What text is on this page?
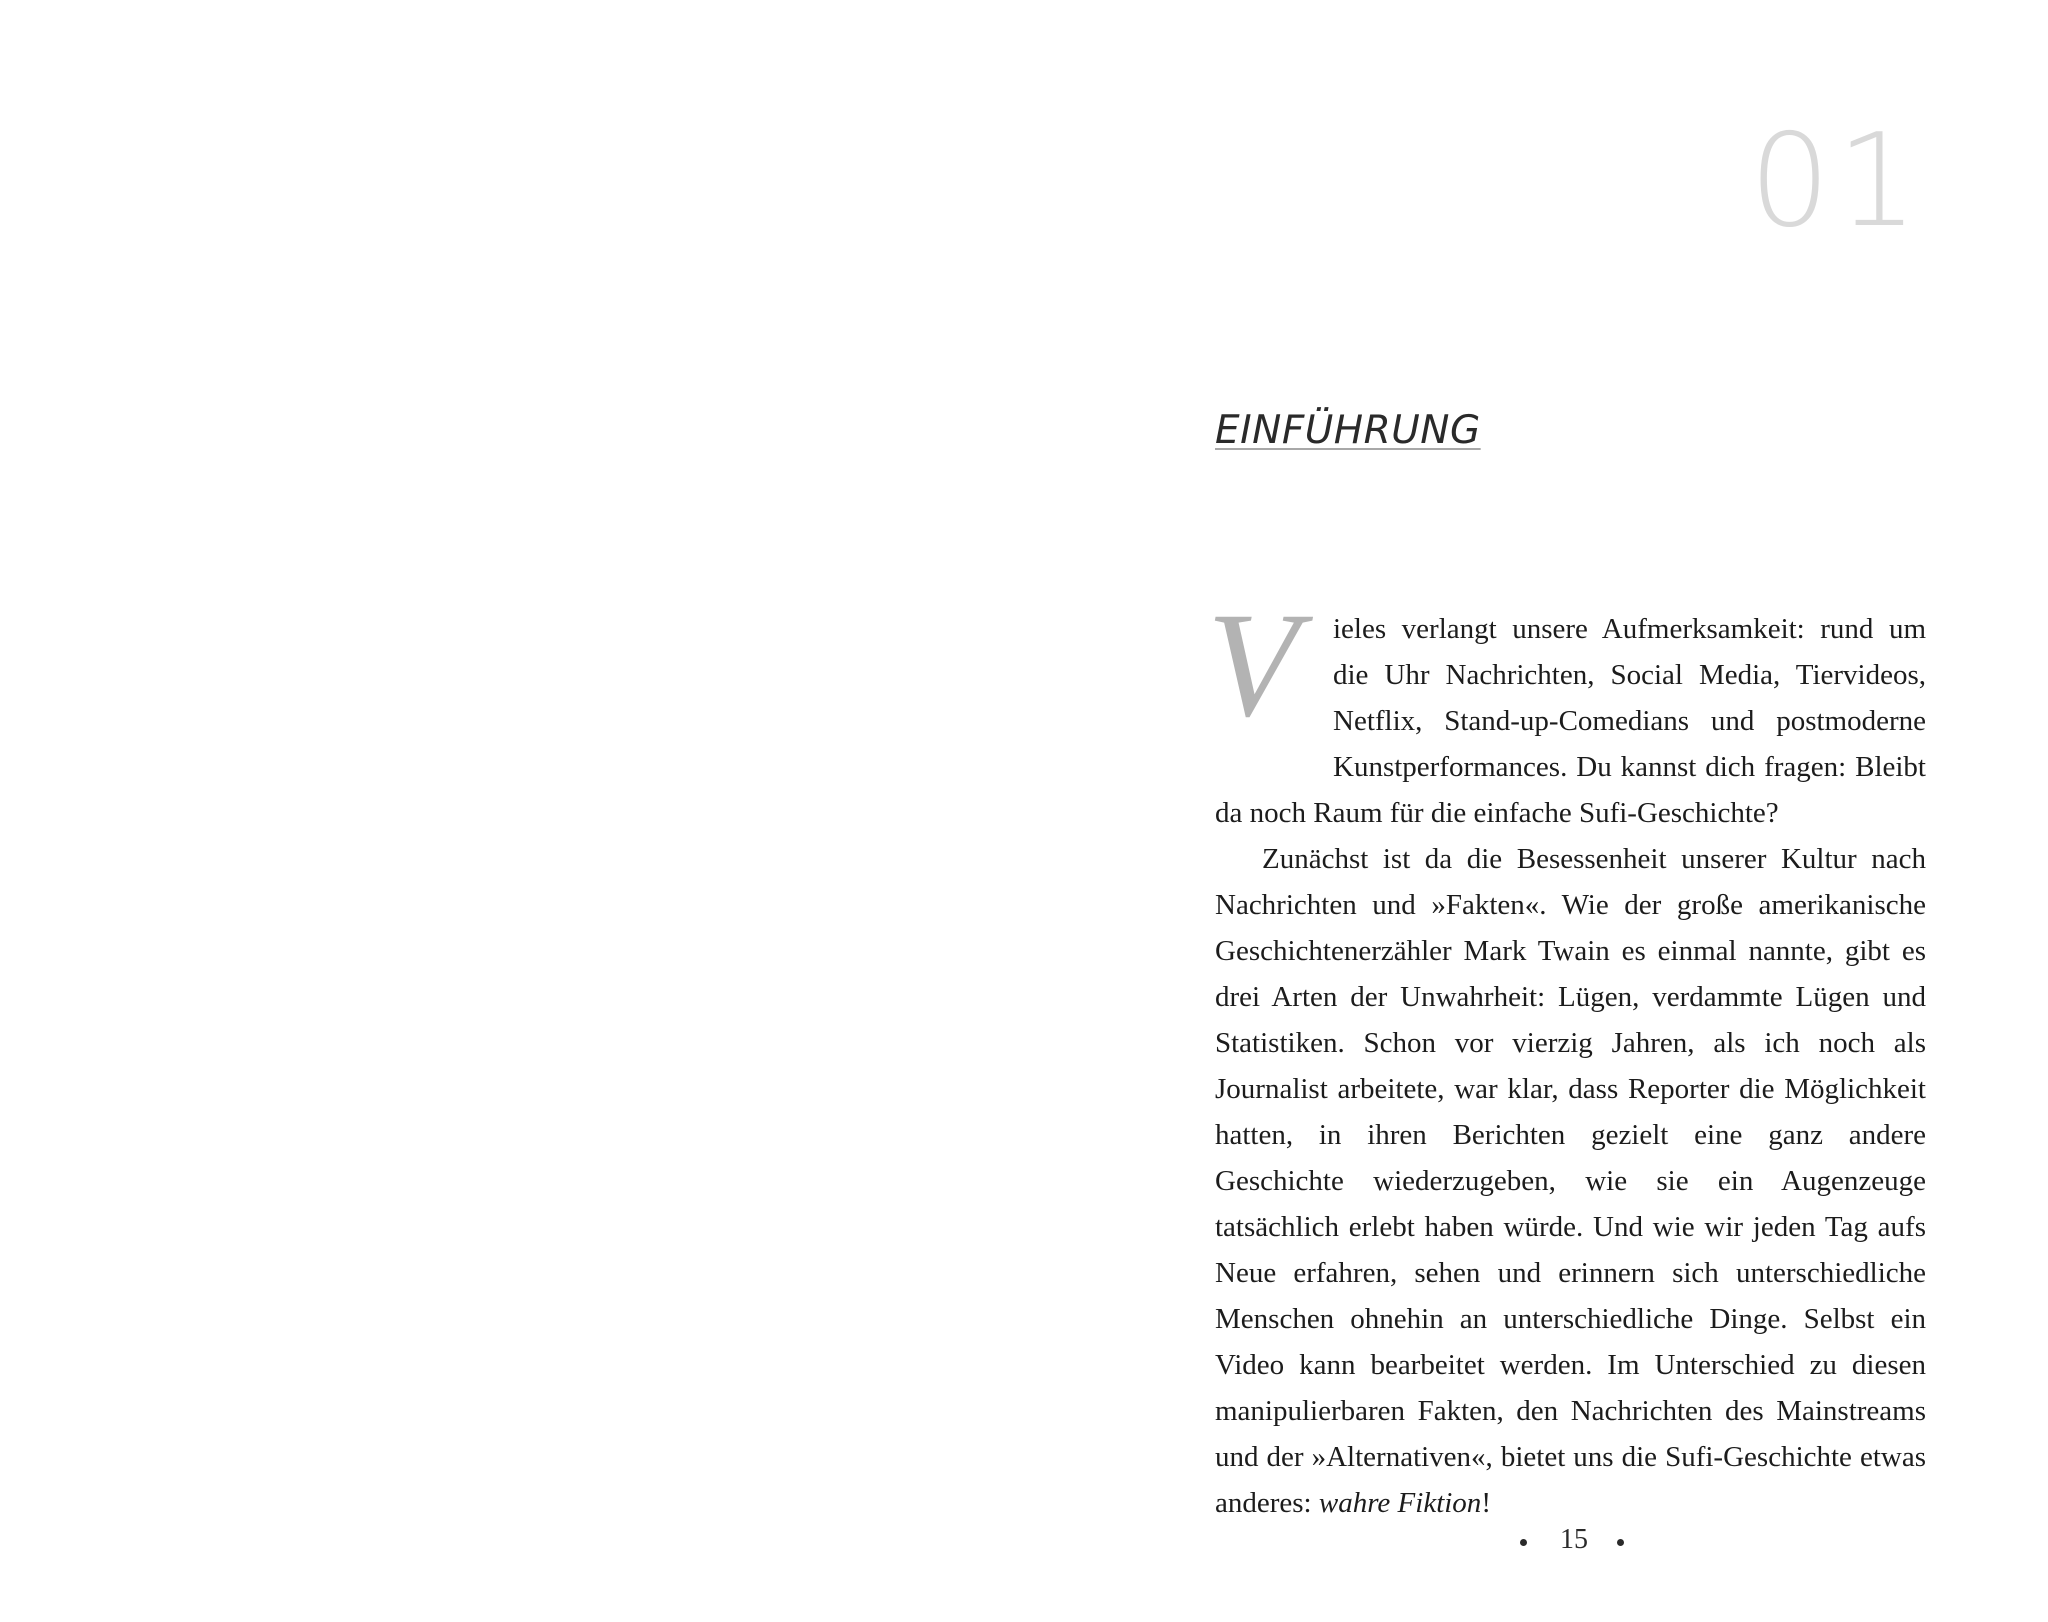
01
EINFÜHRUNG

V ieles verlangt unsere Aufmerksamkeit: rund um die Uhr Nachrichten, Social Media, Tiervideos, Netflix, Stand-up-Comedians und postmoderne Kunstperformances. Du kannst dich fragen: Bleibt da noch Raum für die einfache Sufi-Geschichte?

Zunächst ist da die Besessenheit unserer Kultur nach Nachrichten und »Fakten«. Wie der große amerikanische Geschichtenerzähler Mark Twain es einmal nannte, gibt es drei Arten der Unwahrheit: Lügen, verdammte Lügen und Statistiken. Schon vor vierzig Jahren, als ich noch als Journalist arbeitete, war klar, dass Reporter die Möglichkeit hatten, in ihren Berichten gezielt eine ganz andere Geschichte wiederzugeben, wie sie ein Augenzeuge tatsächlich erlebt haben würde. Und wie wir jeden Tag aufs Neue erfahren, sehen und erinnern sich unterschiedliche Menschen ohnehin an unterschiedliche Dinge. Selbst ein Video kann bearbeitet werden. Im Unterschied zu diesen manipulierbaren Fakten, den Nachrichten des Mainstreams und der »Alternativen«, bietet uns die Sufi-Geschichte etwas anderes: wahre Fiktion!

15
